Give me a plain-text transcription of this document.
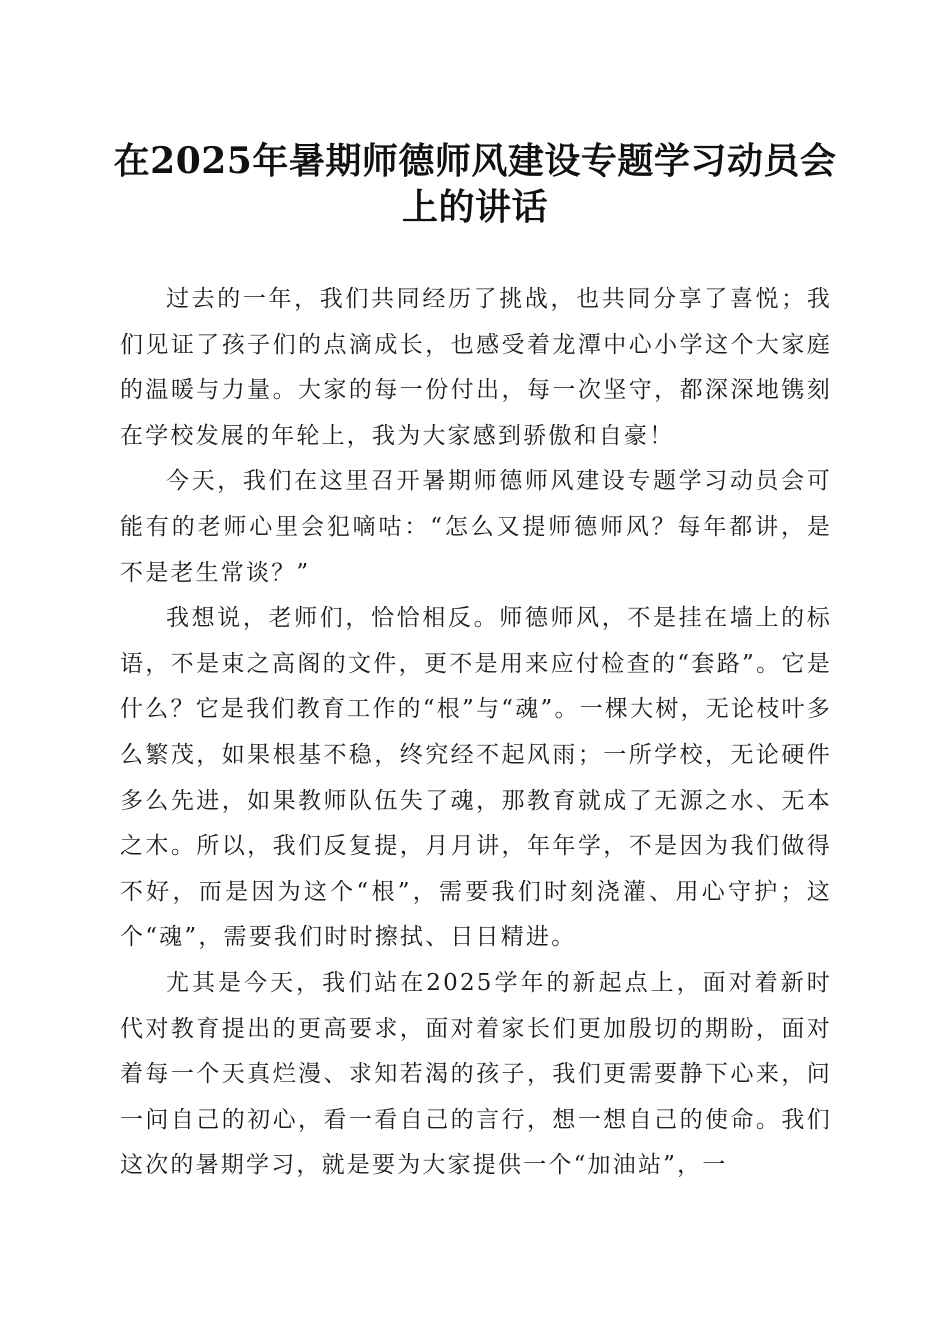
在2025年暑期师德师风建设专题学习动员会上的讲话

过去的一年，我们共同经历了挑战，也共同分享了喜悦；我们见证了孩子们的点滴成长，也感受着龙潭中心小学这个大家庭的温暖与力量。大家的每一份付出，每一次坚守，都深深地镌刻在学校发展的年轮上，我为大家感到骄傲和自豪！

今天，我们在这里召开暑期师德师风建设专题学习动员会可能有的老师心里会犯嘀咕：“怎么又提师德师风？每年都讲，是不是老生常谈？”

我想说，老师们，恰恰相反。师德师风，不是挂在墙上的标语，不是束之高阁的文件，更不是用来应付检查的“套路”。它是什么？它是我们教育工作的“根”与“魂”。一棵大树，无论枝叶多么繁茂，如果根基不稳，终究经不起风雨；一所学校，无论硬件多么先进，如果教师队伍失了魂，那教育就成了无源之水、无本之木。所以，我们反复提，月月讲，年年学，不是因为我们做得不好，而是因为这个“根”，需要我们时刻浇灌、用心守护；这个“魂”，需要我们时时擦拭、日日精进。

尤其是今天，我们站在2025学年的新起点上，面对着新时代对教育提出的更高要求，面对着家长们更加殷切的期盼，面对着每一个天真烂漫、求知若渴的孩子，我们更需要静下心来，问一问自己的初心，看一看自己的言行，想一想自己的使命。我们这次的暑期学习，就是要为大家提供一个“加油站”，一
